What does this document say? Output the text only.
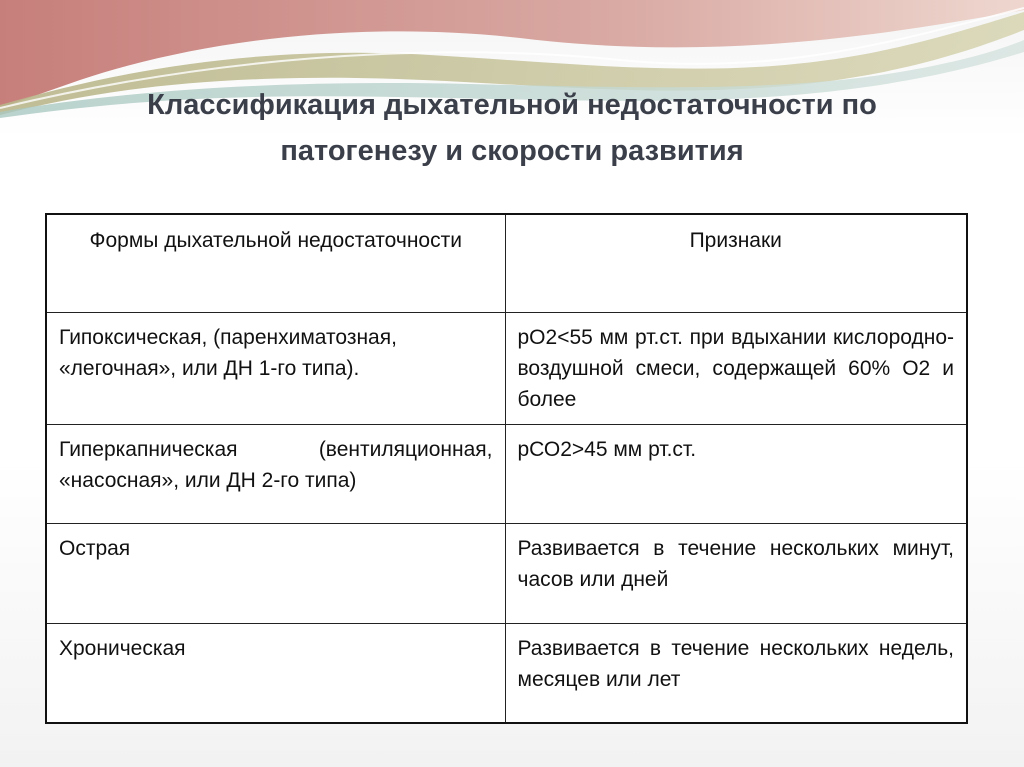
Классификация дыхательной недостаточности по
патогенезу и скорости развития
Формы дыхательной недостаточности	Признаки
Гипоксическая, (паренхиматозная, «легочная», или ДН 1-го типа).	рО2<55 мм рт.ст. при вдыхании кислородно-воздушной смеси, содержащей 60% О2 и более
Гиперкапническая (вентиляционная, «насосная», или ДН 2-го типа)	рСО2>45 мм рт.ст.
Острая	Развивается в течение нескольких минут, часов или дней
Хроническая	Развивается в течение нескольких недель, месяцев или лет
